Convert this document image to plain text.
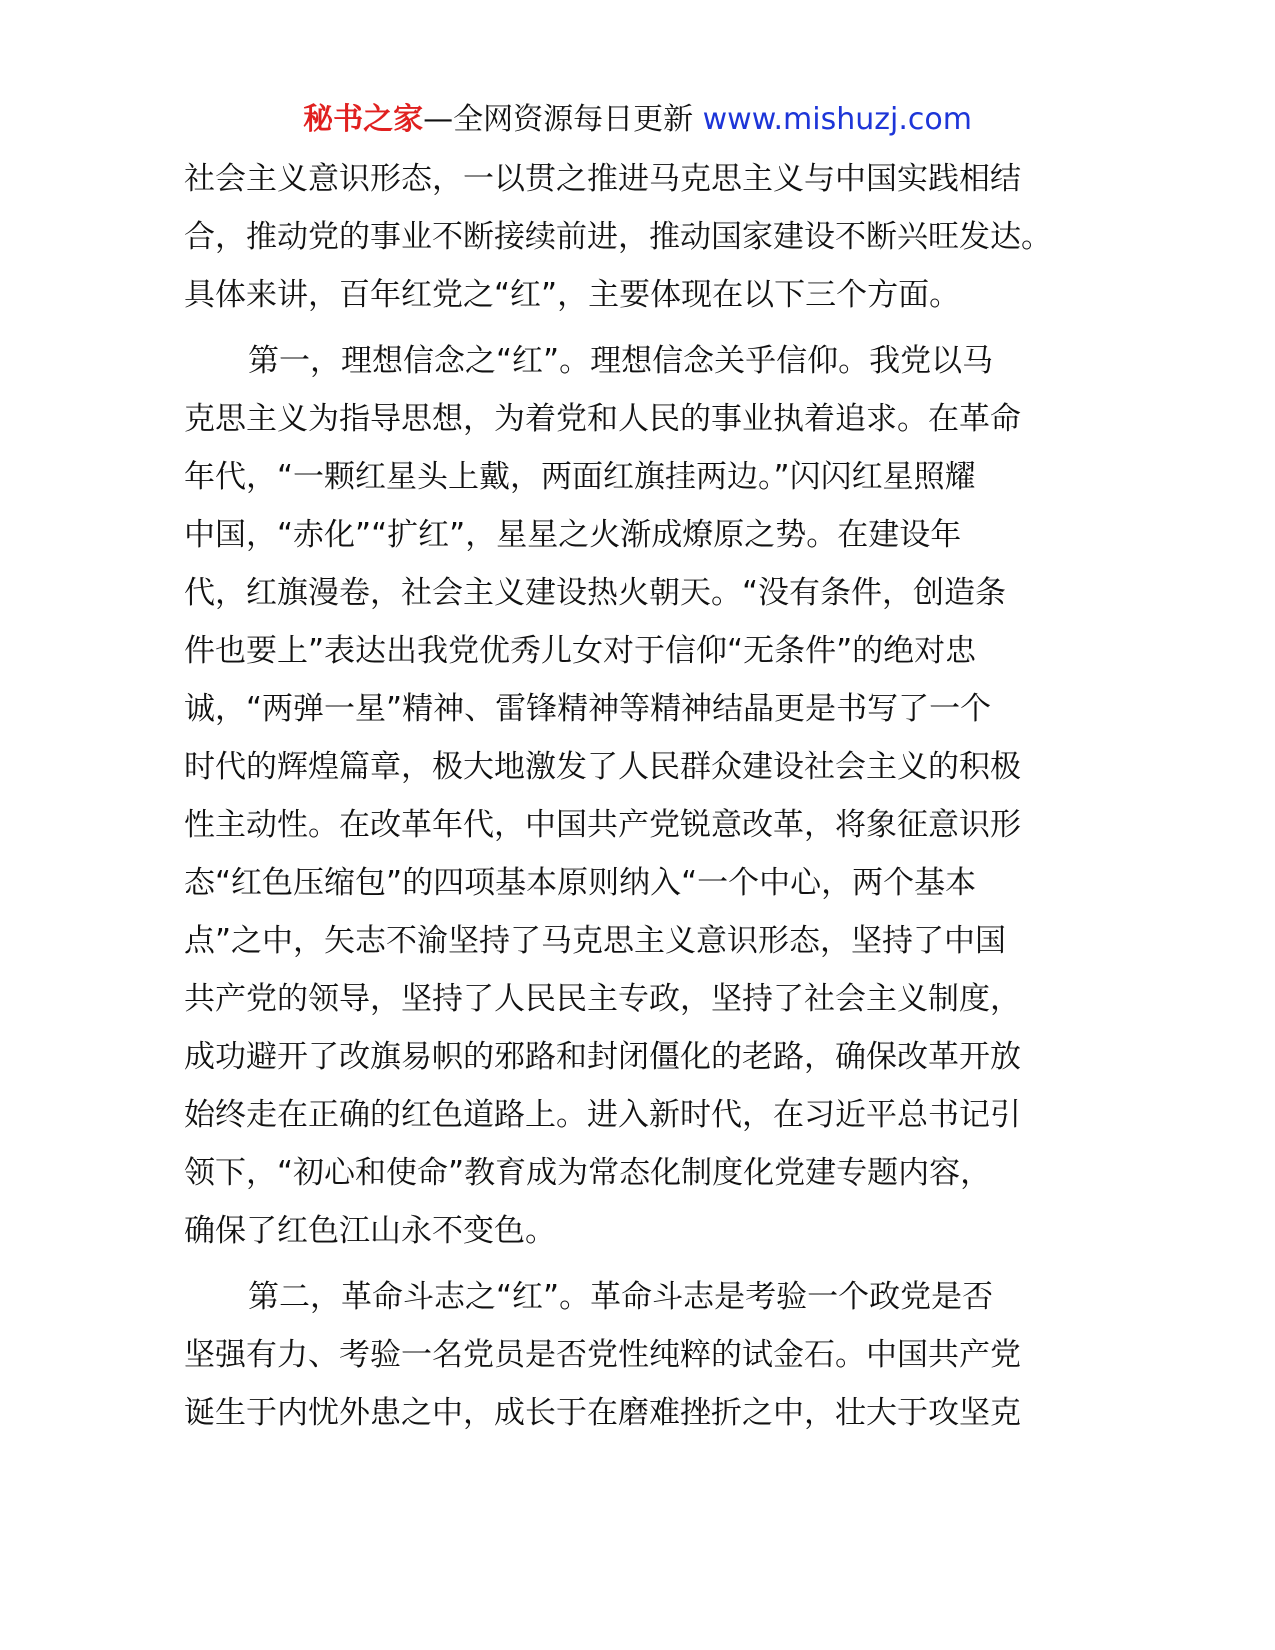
秘书之家—全网资源每日更新 www.mishuzj.com
社会主义意识形态，一以贯之推进马克思主义与中国实践相结
合，推动党的事业不断接续前进，推动国家建设不断兴旺发达。
具体来讲，百年红党之“红”，主要体现在以下三个方面。
第一，理想信念之“红”。理想信念关乎信仰。我党以马
克思主义为指导思想，为着党和人民的事业执着追求。在革命
年代，“一颗红星头上戴，两面红旗挂两边。”闪闪红星照耀
中国，“赤化”“扩红”，星星之火渐成燎原之势。在建设年
代，红旗漫卷，社会主义建设热火朝天。“没有条件，创造条
件也要上”表达出我党优秀儿女对于信仰“无条件”的绝对忠
诚，“两弹一星”精神、雷锋精神等精神结晶更是书写了一个
时代的辉煌篇章，极大地激发了人民群众建设社会主义的积极
性主动性。在改革年代，中国共产党锐意改革，将象征意识形
态“红色压缩包”的四项基本原则纳入“一个中心，两个基本
点”之中，矢志不渝坚持了马克思主义意识形态，坚持了中国
共产党的领导，坚持了人民民主专政，坚持了社会主义制度，
成功避开了改旗易帜的邪路和封闭僵化的老路，确保改革开放
始终走在正确的红色道路上。进入新时代，在习近平总书记引
领下，“初心和使命”教育成为常态化制度化党建专题内容，
确保了红色江山永不变色。
第二，革命斗志之“红”。革命斗志是考验一个政党是否
坚强有力、考验一名党员是否党性纯粹的试金石。中国共产党
诞生于内忧外患之中，成长于在磨难挫折之中，壮大于攻坚克
